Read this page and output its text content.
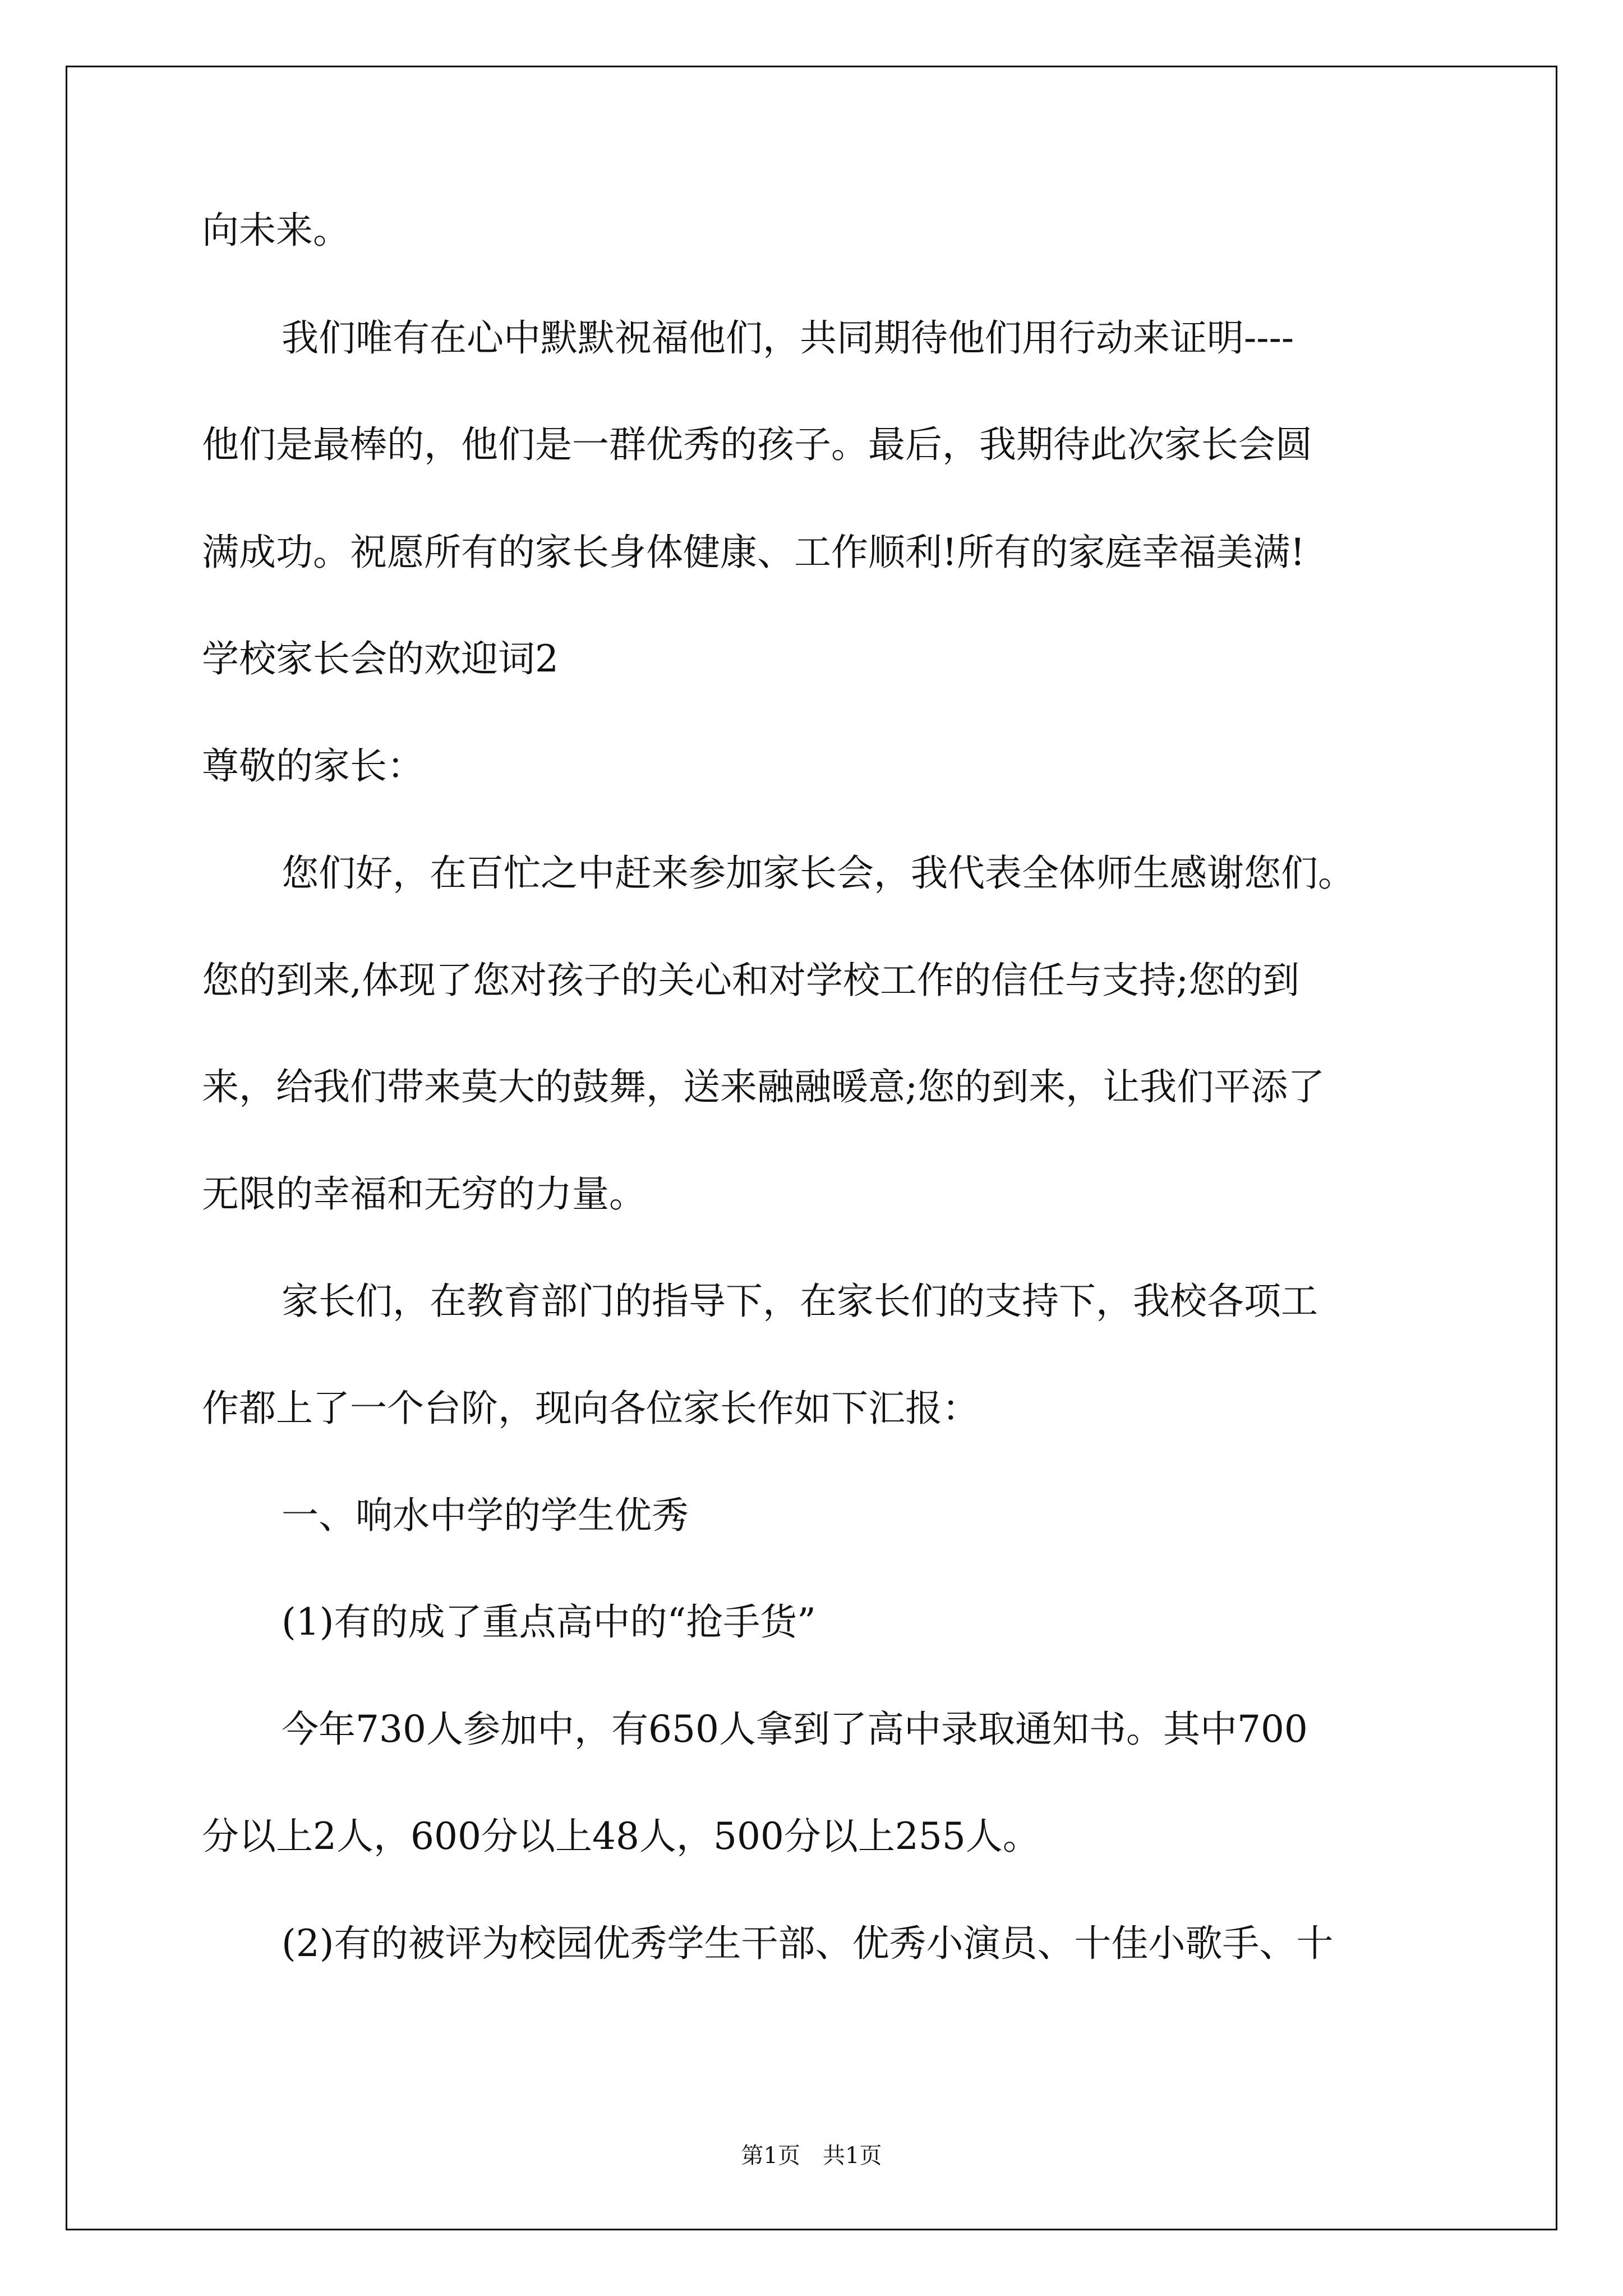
向未来。
我们唯有在心中默默祝福他们，共同期待他们用行动来证明----
他们是最棒的，他们是一群优秀的孩子。最后，我期待此次家长会圆
满成功。祝愿所有的家长身体健康、工作顺利!所有的家庭幸福美满!
学校家长会的欢迎词2
尊敬的家长：
您们好，在百忙之中赶来参加家长会，我代表全体师生感谢您们。
您的到来,体现了您对孩子的关心和对学校工作的信任与支持;您的到
来，给我们带来莫大的鼓舞，送来融融暖意;您的到来，让我们平添了
无限的幸福和无穷的力量。
家长们，在教育部门的指导下，在家长们的支持下，我校各项工
作都上了一个台阶，现向各位家长作如下汇报：
一、响水中学的学生优秀
(1)有的成了重点高中的“抢手货”
今年730人参加中，有650人拿到了高中录取通知书。其中700
分以上2人，600分以上48人，500分以上255人。
(2)有的被评为校园优秀学生干部、优秀小演员、十佳小歌手、十
第1页　共1页
